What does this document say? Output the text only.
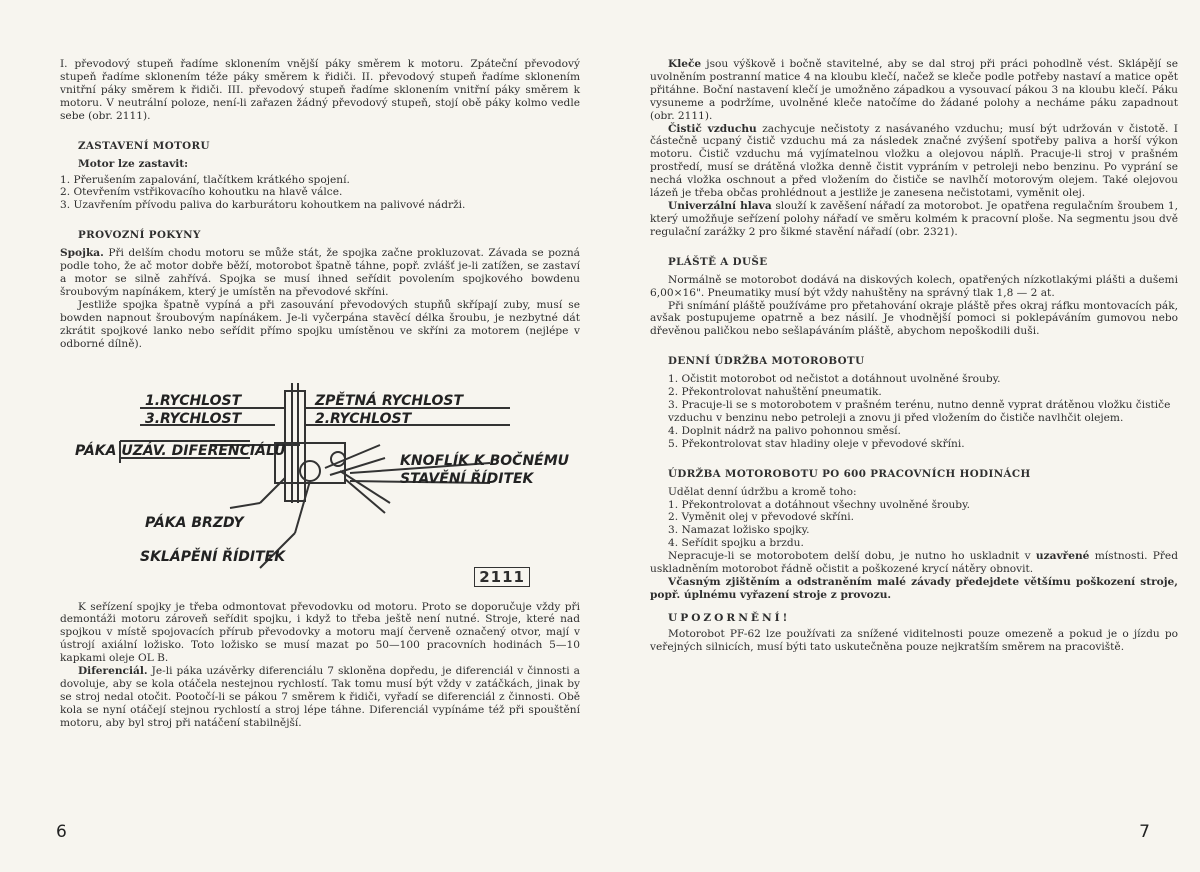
I. převodový stupeň řadíme sklonením vnější páky směrem k motoru. Zpáteční převodový stupeň řadíme sklonením téže páky směrem k řidiči. II. převodový stupeň řadíme sklonením vnitřní páky směrem k řidiči. III. převodový stupeň řadíme sklonením vnitřní páky směrem k motoru. V neutrální poloze, není-li zařazen žádný převodový stupeň, stojí obě páky kolmo vedle sebe (obr. 2111).

ZASTAVENÍ MOTORU
Motor lze zastavit:
1. Přerušením zapalování, tlačítkem krátkého spojení.
2. Otevřením vstřikovacího kohoutku na hlavě válce.
3. Uzavřením přívodu paliva do karburátoru kohoutkem na palivové nádrži.
PROVOZNÍ POKYNY

Spojka. Při delším chodu motoru se může stát, že spojka začne prokluzovat. Závada se pozná podle toho, že ač motor dobře běží, motorobot špatně táhne, popř. zvlášť je-li zatížen, se zastaví a motor se silně zahřívá. Spojka se musí ihned seřídit povolením spojkového bowdenu šroubovým napínákem, který je umístěn na převodové skříni.

Jestliže spojka špatně vypíná a při zasouvání převodových stupňů skřípají zuby, musí se bowden napnout šroubovým napínákem. Je-li vyčerpána stavěcí délka šroubu, je nezbytné dát zkrátit spojkové lanko nebo seřídit přímo spojku umístěnou ve skříni za motorem (nejlépe v odborné dílně).

1.RYCHLOST
3.RYCHLOST
ZPĚTNÁ RYCHLOST
2.RYCHLOST
PÁKA UZÁV. DIFERENCIÁLU
KNOFLÍK K BOČNÉMU
STAVĚNÍ ŘÍDITEK
PÁKA BRZDY
SKLÁPĚNÍ ŘÍDITEK
2111

K seřízení spojky je třeba odmontovat převodovku od motoru. Proto se doporučuje vždy při demontáži motoru zároveň seřídit spojku, i když to třeba ještě není nutné. Stroje, které nad spojkou v místě spojovacích přírub převodovky a motoru mají červeně označený otvor, mají v ústrojí axiální ložisko. Toto ložisko se musí mazat po 50—100 pracovních hodinách 5—10 kapkami oleje OL B.

Diferenciál. Je-li páka uzávěrky diferenciálu 7 skloněna dopředu, je diferenciál v činnosti a dovoluje, aby se kola otáčela nestejnou rychlostí. Tak tomu musí být vždy v zatáčkách, jinak by se stroj nedal otočit. Pootočí-li se pákou 7 směrem k řidiči, vyřadí se diferenciál z činnosti. Obě kola se nyní otáčejí stejnou rychlostí a stroj lépe táhne. Diferenciál vypínáme též při spouštění motoru, aby byl stroj při natáčení stabilnější.

6

Kleče jsou výškově i bočně stavitelné, aby se dal stroj při práci pohodlně vést. Sklápějí se uvolněním postranní matice 4 na kloubu klečí, načež se kleče podle potřeby nastaví a matice opět přitáhne. Boční nastavení klečí je umožněno západkou a vysouvací pákou 3 na kloubu klečí. Páku vysuneme a podržíme, uvolněné kleče natočíme do žádané polohy a necháme páku zapadnout (obr. 2111).

Čistič vzduchu zachycuje nečistoty z nasávaného vzduchu; musí být udržován v čistotě. I částečně ucpaný čistič vzduchu má za následek značné zvýšení spotřeby paliva a horší výkon motoru. Čistič vzduchu má vyjímatelnou vložku a olejovou náplň. Pracuje-li stroj v prašném prostředí, musí se drátěná vložka denně čistit vypráním v petroleji nebo benzinu. Po vyprání se nechá vložka oschnout a před vložením do čističe se navlhčí motorovým olejem. Také olejovou lázeň je třeba občas prohlédnout a jestliže je zanesena nečistotami, vyměnit olej.

Univerzální hlava slouží k zavěšení nářadí za motorobot. Je opatřena regulačním šroubem 1, který umožňuje seřízení polohy nářadí ve směru kolmém k pracovní ploše. Na segmentu jsou dvě regulační zarážky 2 pro šikmé stavění nářadí (obr. 2321).

PLÁŠTĚ A DUŠE

Normálně se motorobot dodává na diskových kolech, opatřených nízkotlakými plášti a dušemi 6,00×16". Pneumatiky musí být vždy nahuštěny na správný tlak 1,8 — 2 at.

Při snímání pláště používáme pro přetahování okraje pláště přes okraj ráfku montovacích pák, avšak postupujeme opatrně a bez násilí. Je vhodnější pomoci si poklepáváním gumovou nebo dřevěnou paličkou nebo sešlapáváním pláště, abychom nepoškodili duši.

DENNÍ ÚDRŽBA MOTOROBOTU
1. Očistit motorobot od nečistot a dotáhnout uvolněné šrouby.
2. Překontrolovat nahuštění pneumatik.
3. Pracuje-li se s motorobotem v prašném terénu, nutno denně vyprat drátěnou vložku čističe vzduchu v benzinu nebo petroleji a znovu ji před vložením do čističe navlhčit olejem.
4. Doplnit nádrž na palivo pohonnou směsí.
5. Překontrolovat stav hladiny oleje v převodové skříni.
ÚDRŽBA MOTOROBOTU PO 600 PRACOVNÍCH HODINÁCH

Udělat denní údržbu a kromě toho:

1. Překontrolovat a dotáhnout všechny uvolněné šrouby.
2. Vyměnit olej v převodové skříni.
3. Namazat ložisko spojky.
4. Seřídit spojku a brzdu.

Nepracuje-li se motorobotem delší dobu, je nutno ho uskladnit v uzavřené místnosti. Před uskladněním motorobot řádně očistit a poškozené krycí nátěry obnovit.

Včasným zjištěním a odstraněním malé závady předejdete většímu poškození stroje, popř. úplnému vyřazení stroje z provozu.

UPOZORNĚNÍ!

Motorobot PF-62 lze používati za snížené viditelnosti pouze omezeně a pokud je o jízdu po veřejných silnicích, musí býti tato uskutečněna pouze nejkratším směrem na pracoviště.

7
